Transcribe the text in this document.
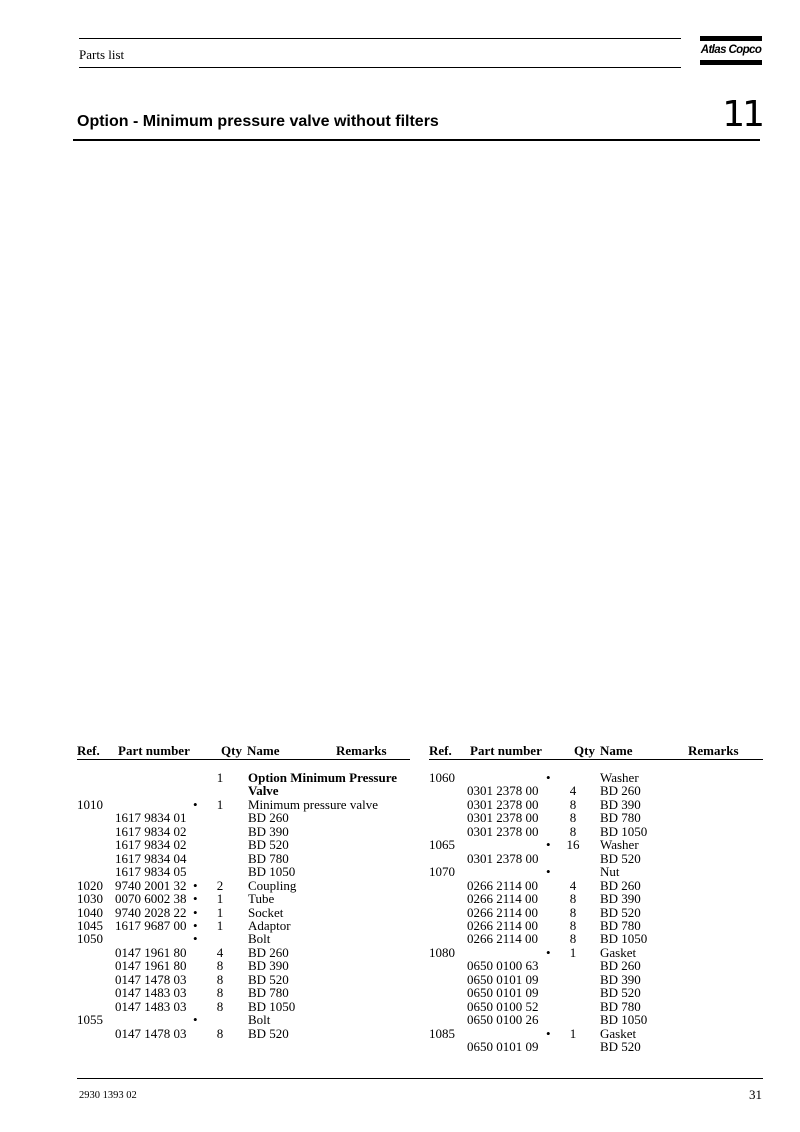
Parts list	Atlas Copco
Option - Minimum pressure valve without filters	11
Ref. Part number Qty Name	Remarks	Ref. Part number Qty Name	Remarks
1	Option Minimum Pressure
Valve
1010	•	1	Minimum pressure valve
1617 9834 01	BD 260
1617 9834 02	BD 390
1617 9834 02	BD 520
1617 9834 04	BD 780
1617 9834 05	BD 1050
1020 9740 2001 32 •	2	Coupling
1030 0070 6002 38 •	1	Tube
1040 9740 2028 22 •	1	Socket
1045 1617 9687 00 •	1	Adaptor
1050	•	Bolt
0147 1961 80	4	BD 260
0147 1961 80	8	BD 390
0147 1478 03	8	BD 520
0147 1483 03	8	BD 780
0147 1483 03	8	BD 1050
1055	•	Bolt
0147 1478 03	8	BD 520
1060	•	Washer
0301 2378 00	4	BD 260
0301 2378 00	8	BD 390
0301 2378 00	8	BD 780
0301 2378 00	8	BD 1050
1065	•	16	Washer
0301 2378 00	BD 520
1070	•	Nut
0266 2114 00	4	BD 260
0266 2114 00	8	BD 390
0266 2114 00	8	BD 520
0266 2114 00	8	BD 780
0266 2114 00	8	BD 1050
1080	•	1	Gasket
0650 0100 63	BD 260
0650 0101 09	BD 390
0650 0101 09	BD 520
0650 0100 52	BD 780
0650 0100 26	BD 1050
1085	•	1	Gasket
0650 0101 09	BD 520
2930 1393 02	31
